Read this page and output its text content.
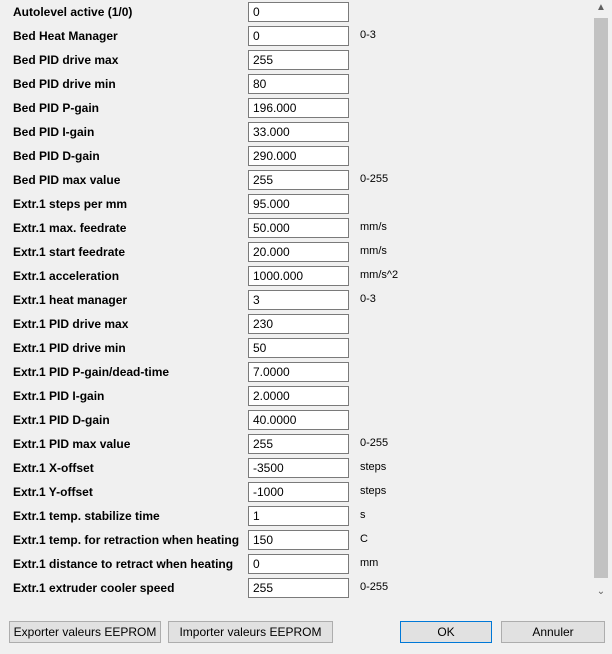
Autolevel active (1/0)	0
Bed Heat Manager	0	0-3
Bed PID drive max	255
Bed PID drive min	80
Bed PID P-gain	196.000
Bed PID I-gain	33.000
Bed PID D-gain	290.000
Bed PID max value	255	0-255
Extr.1 steps per mm	95.000
Extr.1 max. feedrate	50.000	mm/s
Extr.1 start feedrate	20.000	mm/s
Extr.1 acceleration	1000.000	mm/s^2
Extr.1 heat manager	3	0-3
Extr.1 PID drive max	230
Extr.1 PID drive min	50
Extr.1 PID P-gain/dead-time	7.0000
Extr.1 PID I-gain	2.0000
Extr.1 PID D-gain	40.0000
Extr.1 PID max value	255	0-255
Extr.1 X-offset	-3500	steps
Extr.1 Y-offset	-1000	steps
Extr.1 temp. stabilize time	1	s
Extr.1 temp. for retraction when heating	150	C
Extr.1 distance to retract when heating	0	mm
Extr.1 extruder cooler speed	255	0-255
▲
⌄
Exporter valeurs EEPROM	Importer valeurs EEPROM	OK	Annuler
